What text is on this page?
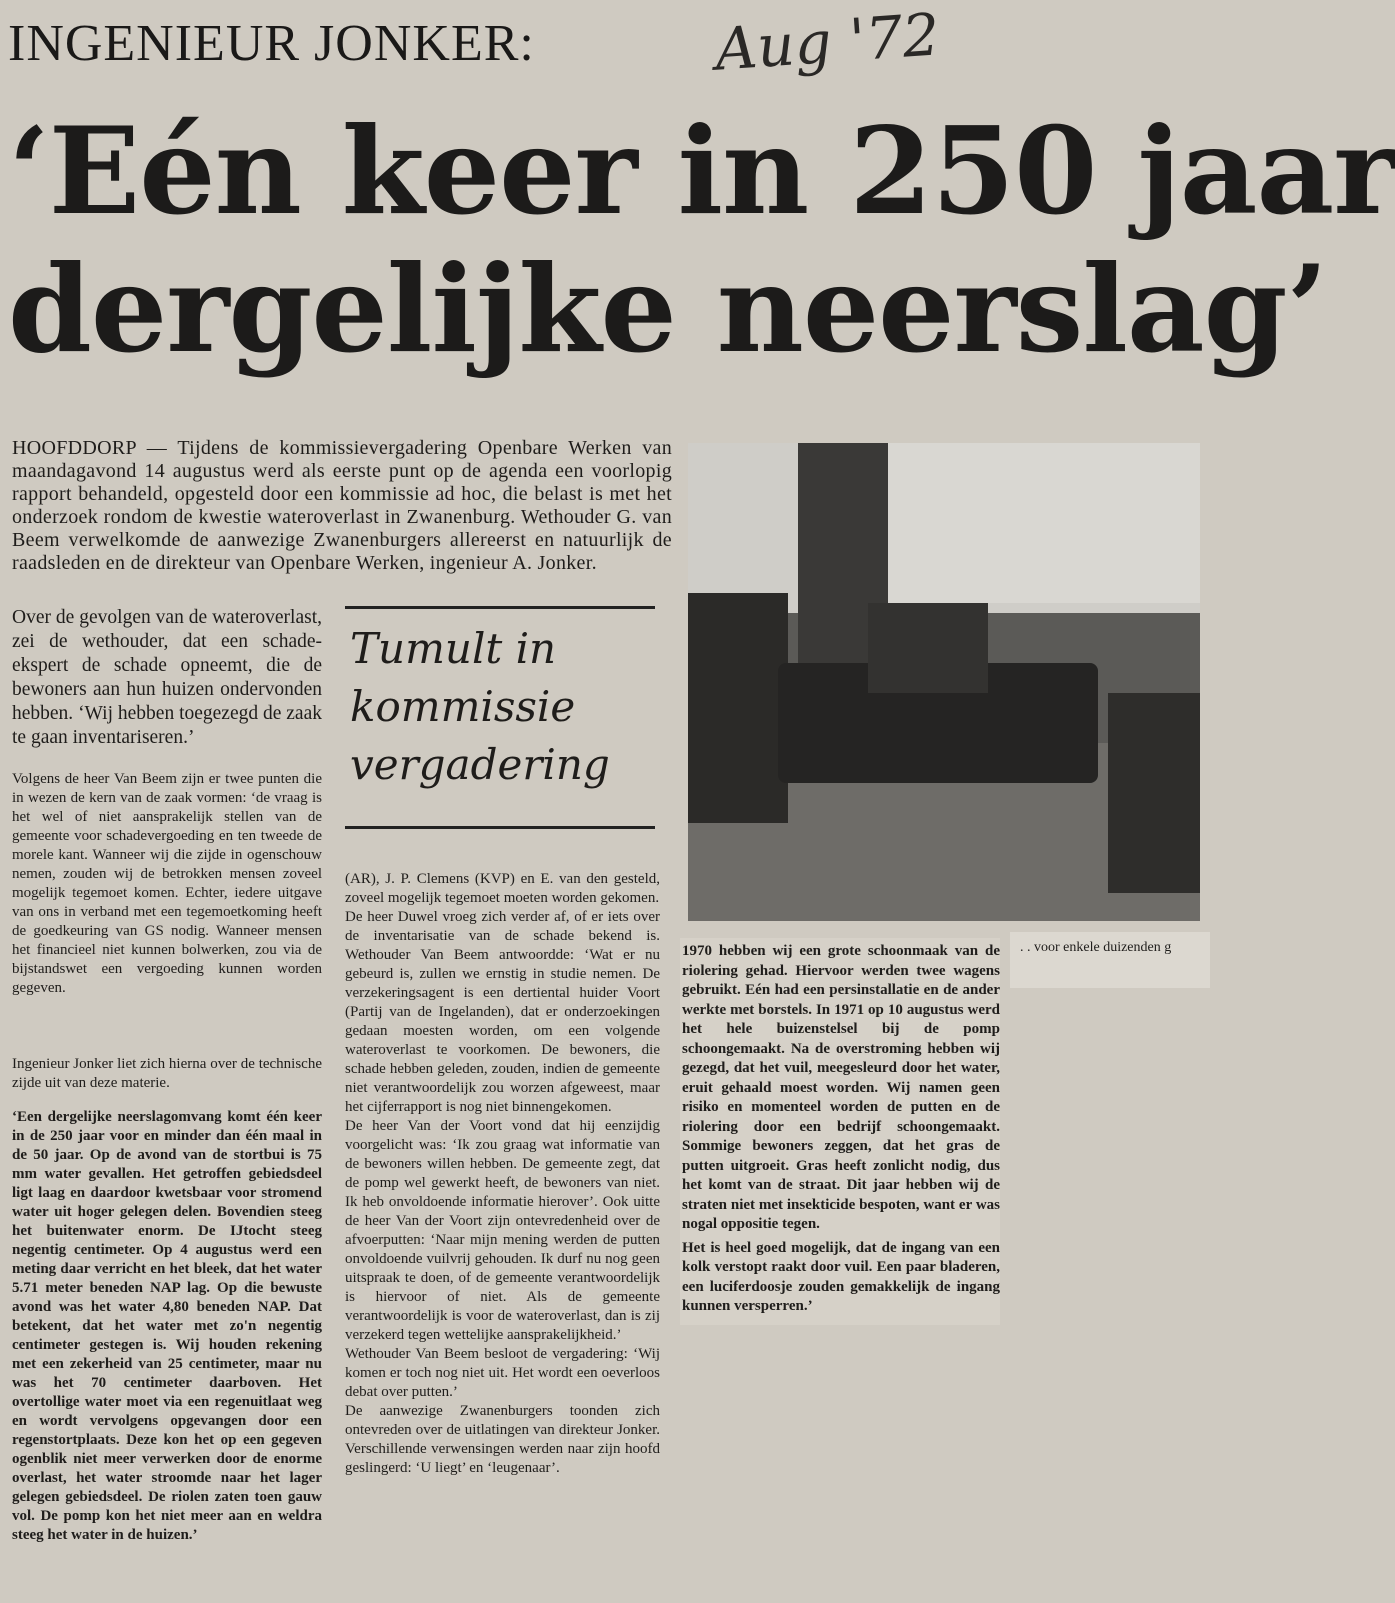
INGENIEUR JONKER:	Aug '72
‘Eén keer in 250 jaar
dergelijke neerslag’

HOOFDDORP — Tijdens de kommissievergadering Openbare Werken van maandagavond 14 augustus werd als eerste punt op de agenda een voorlopig rapport behandeld, opgesteld door een kommissie ad hoc, die belast is met het onderzoek rondom de kwestie wateroverlast in Zwanenburg. Wethouder G. van Beem verwelkomde de aanwezige Zwanenburgers allereerst en natuurlijk de raadsleden en de direkteur van Openbare Werken, ingenieur A. Jonker.

Over de gevolgen van de wateroverlast, zei de wethouder, dat een schade-ekspert de schade opneemt, die de bewoners aan hun huizen ondervonden hebben. ‘Wij hebben toegezegd de zaak te gaan inventariseren.’

Volgens de heer Van Beem zijn er twee punten die in wezen de kern van de zaak vormen: ‘de vraag is het wel of niet aansprakelijk stellen van de gemeente voor schadevergoeding en ten tweede de morele kant. Wanneer wij die zijde in ogenschouw nemen, zouden wij de betrokken mensen zoveel mogelijk tegemoet komen. Echter, iedere uitgave van ons in verband met een tegemoetkoming heeft de goedkeuring van GS nodig. Wanneer mensen het financieel niet kunnen bolwerken, zou via de bijstandswet een vergoeding kunnen worden gegeven.

Ingenieur Jonker liet zich hierna over de technische zijde uit van deze materie.

‘Een dergelijke neerslagomvang komt één keer in de 250 jaar voor en minder dan één maal in de 50 jaar. Op de avond van de stortbui is 75 mm water gevallen. Het getroffen gebiedsdeel ligt laag en daardoor kwetsbaar voor stromend water uit hoger gelegen delen. Bovendien steeg het buitenwater enorm. De IJtocht steeg negentig centimeter. Op 4 augustus werd een meting daar verricht en het bleek, dat het water 5.71 meter beneden NAP lag. Op die bewuste avond was het water 4,80 beneden NAP. Dat betekent, dat het water met zo'n negentig centimeter gestegen is. Wij houden rekening met een zekerheid van 25 centimeter, maar nu was het 70 centimeter daarboven. Het overtollige water moet via een regenuitlaat weg en wordt vervolgens opgevangen door een regenstortplaats. Deze kon het op een gegeven ogenblik niet meer verwerken door de enorme overlast, het water stroomde naar het lager gelegen gebiedsdeel. De riolen zaten toen gauw vol. De pomp kon het niet meer aan en weldra steeg het water in de huizen.’

Tumult in
kommissie
vergadering

(AR), J. P. Clemens (KVP) en E. van den gesteld, zoveel mogelijk tegemoet moeten worden gekomen.

De heer Duwel vroeg zich verder af, of er iets over de inventarisatie van de schade bekend is. Wethouder Van Beem antwoordde: ‘Wat er nu gebeurd is, zullen we ernstig in studie nemen. De verzekeringsagent is een dertiental huider Voort (Partij van de Ingelanden), dat er onderzoekingen gedaan moesten worden, om een volgende wateroverlast te voorkomen. De bewoners, die schade hebben geleden, zouden, indien de gemeente niet verantwoordelijk zou worzen afgeweest, maar het cijferrapport is nog niet binnengekomen.

De heer Van der Voort vond dat hij eenzijdig voorgelicht was: ‘Ik zou graag wat informatie van de bewoners willen hebben. De gemeente zegt, dat de pomp wel gewerkt heeft, de bewoners van niet. Ik heb onvoldoende informatie hierover’. Ook uitte de heer Van der Voort zijn ontevredenheid over de afvoerputten: ‘Naar mijn mening werden de putten onvoldoende vuilvrij gehouden. Ik durf nu nog geen uitspraak te doen, of de gemeente verantwoordelijk is hiervoor of niet. Als de gemeente verantwoordelijk is voor de wateroverlast, dan is zij verzekerd tegen wettelijke aansprakelijkheid.’

Wethouder Van Beem besloot de vergadering: ‘Wij komen er toch nog niet uit. Het wordt een oeverloos debat over putten.’

De aanwezige Zwanenburgers toonden zich ontevreden over de uitlatingen van direkteur Jonker. Verschillende verwensingen werden naar zijn hoofd geslingerd: ‘U liegt’ en ‘leugenaar’.

. . voor enkele duizenden g

1970 hebben wij een grote schoonmaak van de riolering gehad. Hiervoor werden twee wagens gebruikt. Eén had een persinstallatie en de ander werkte met borstels. In 1971 op 10 augustus werd het hele buizenstelsel bij de pomp schoongemaakt. Na de overstroming hebben wij gezegd, dat het vuil, meegesleurd door het water, eruit gehaald moest worden. Wij namen geen risiko en momenteel worden de putten en de riolering door een bedrijf schoongemaakt. Sommige bewoners zeggen, dat het gras de putten uitgroeit. Gras heeft zonlicht nodig, dus het komt van de straat. Dit jaar hebben wij de straten niet met insekticide bespoten, want er was nogal oppositie tegen.

Het is heel goed mogelijk, dat de ingang van een kolk verstopt raakt door vuil. Een paar bladeren, een luciferdoosje zouden gemakkelijk de ingang kunnen versperren.’
